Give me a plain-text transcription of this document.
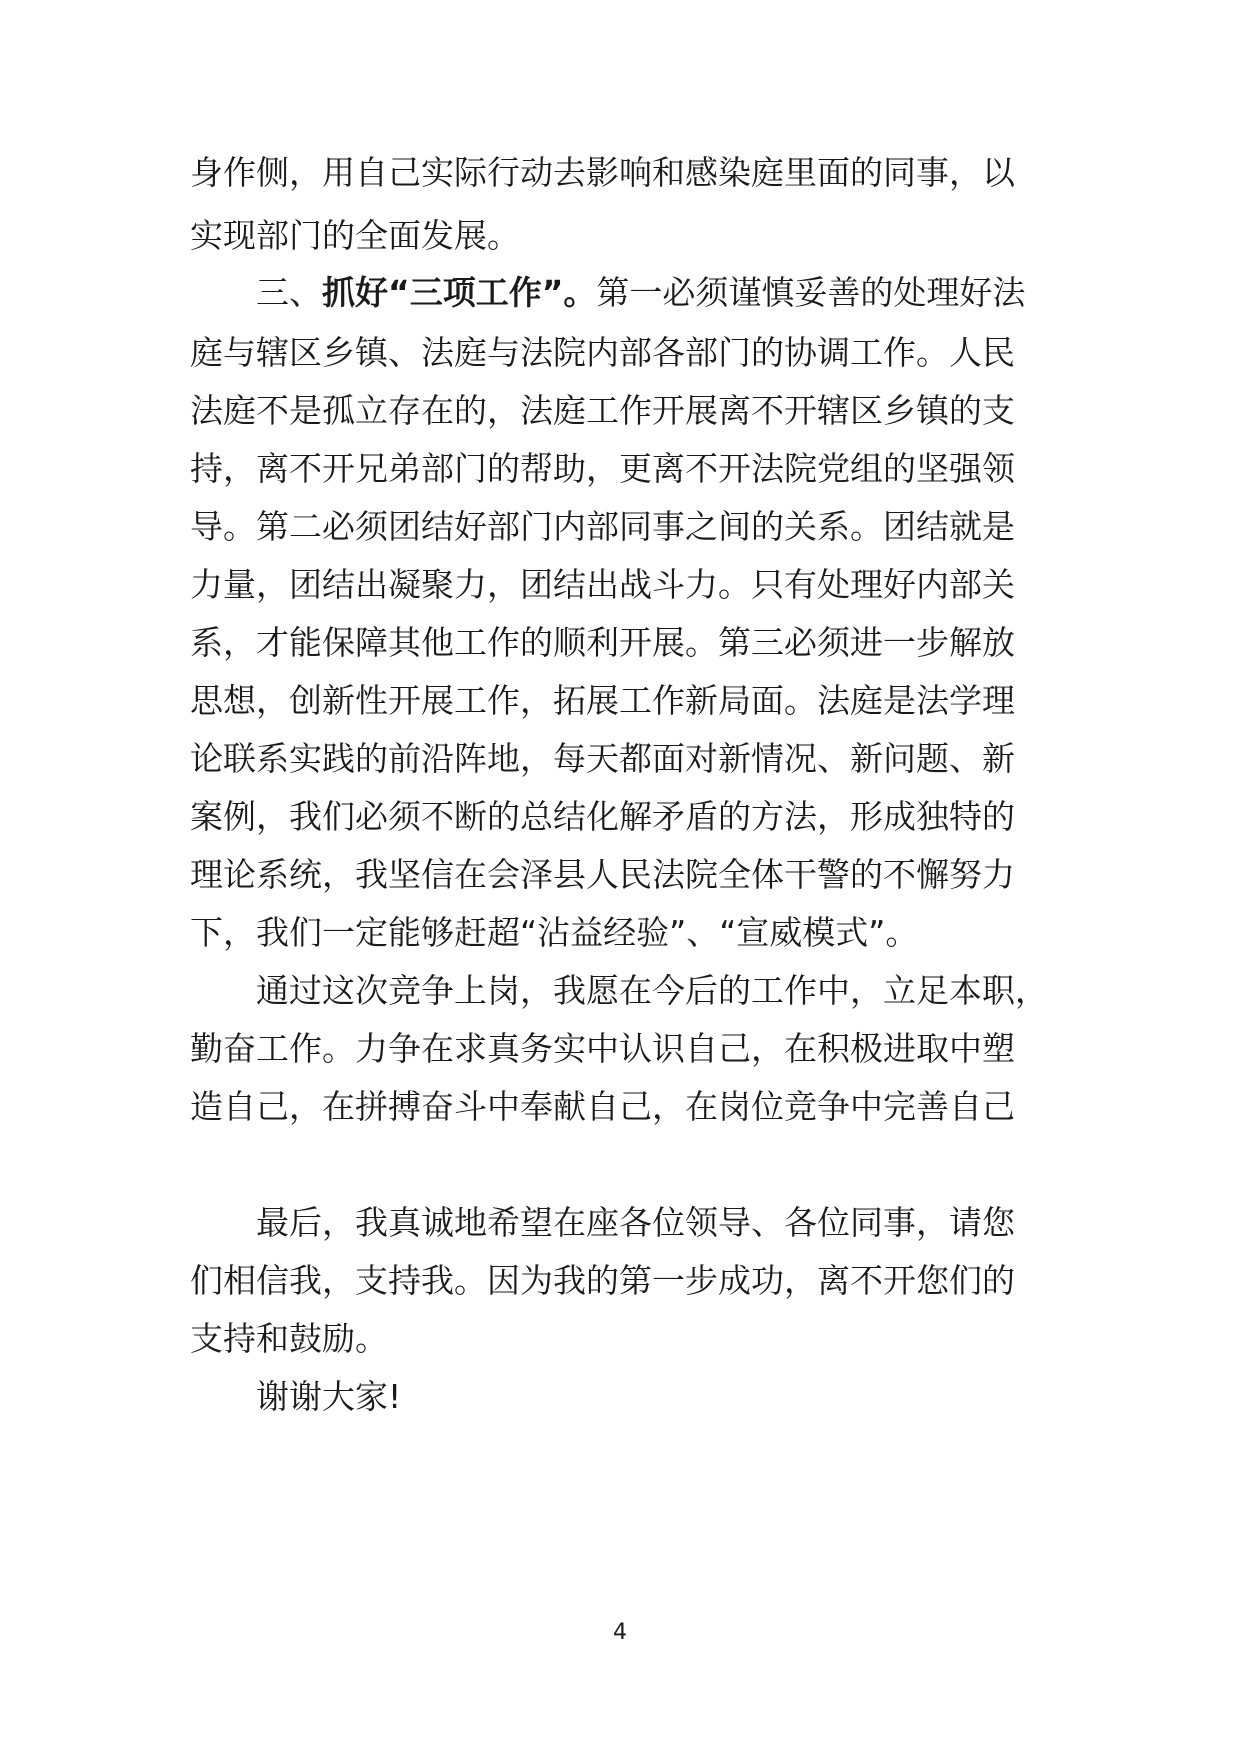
身作侧，用自己实际行动去影响和感染庭里面的同事，以
实现部门的全面发展。
三、抓好“三项工作”。第一必须谨慎妥善的处理好法
庭与辖区乡镇、法庭与法院内部各部门的协调工作。人民
法庭不是孤立存在的，法庭工作开展离不开辖区乡镇的支
持，离不开兄弟部门的帮助，更离不开法院党组的坚强领
导。第二必须团结好部门内部同事之间的关系。团结就是
力量，团结出凝聚力，团结出战斗力。只有处理好内部关
系，才能保障其他工作的顺利开展。第三必须进一步解放
思想，创新性开展工作，拓展工作新局面。法庭是法学理
论联系实践的前沿阵地，每天都面对新情况、新问题、新
案例，我们必须不断的总结化解矛盾的方法，形成独特的
理论系统，我坚信在会泽县人民法院全体干警的不懈努力
下，我们一定能够赶超“沾益经验”、“宣威模式”。
通过这次竞争上岗，我愿在今后的工作中，立足本职，
勤奋工作。力争在求真务实中认识自己，在积极进取中塑
造自己，在拼搏奋斗中奉献自己，在岗位竞争中完善自己
最后，我真诚地希望在座各位领导、各位同事，请您
们相信我，支持我。因为我的第一步成功，离不开您们的
支持和鼓励。
谢谢大家!
4
